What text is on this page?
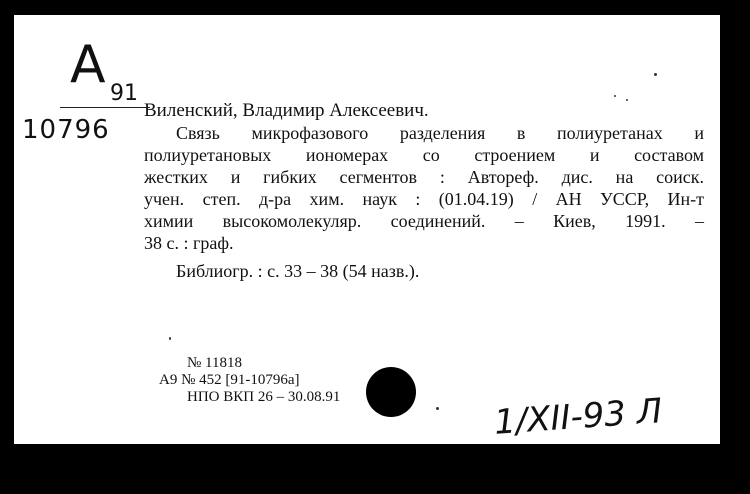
A 91
10796
Виленский, Владимир Алексеевич.
Связь микрофазового разделения в полиуретанах и
полиуретановых иономерах со строением и составом
жестких и гибких сегментов : Автореф. дис. на соиск.
учен. степ. д-ра хим. наук : (01.04.19) / АН УССР, Ин-т
химии высокомолекуляр. соединений. – Киев, 1991. –
38 с. : граф.
Библиогр. : с. 33 – 38 (54 назв.).
№ 11818
А9 № 452 [91-10796а]
НПО ВКП 26 – 30.08.91	1/XII-93 Л
